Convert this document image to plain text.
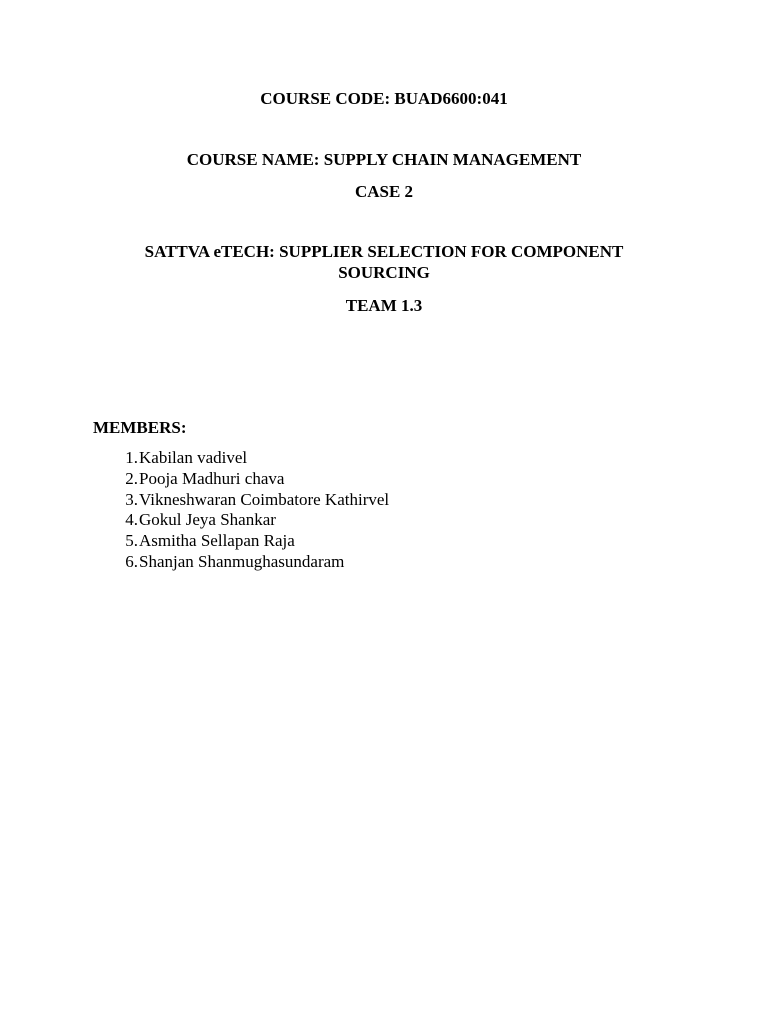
COURSE CODE: BUAD6600:041
COURSE NAME: SUPPLY CHAIN MANAGEMENT
CASE 2
SATTVA eTECH: SUPPLIER SELECTION FOR COMPONENT
SOURCING
TEAM 1.3
MEMBERS:
1. Kabilan vadivel
2. Pooja Madhuri chava
3. Vikneshwaran Coimbatore Kathirvel
4. Gokul Jeya Shankar
5. Asmitha Sellapan Raja
6. Shanjan Shanmughasundaram
